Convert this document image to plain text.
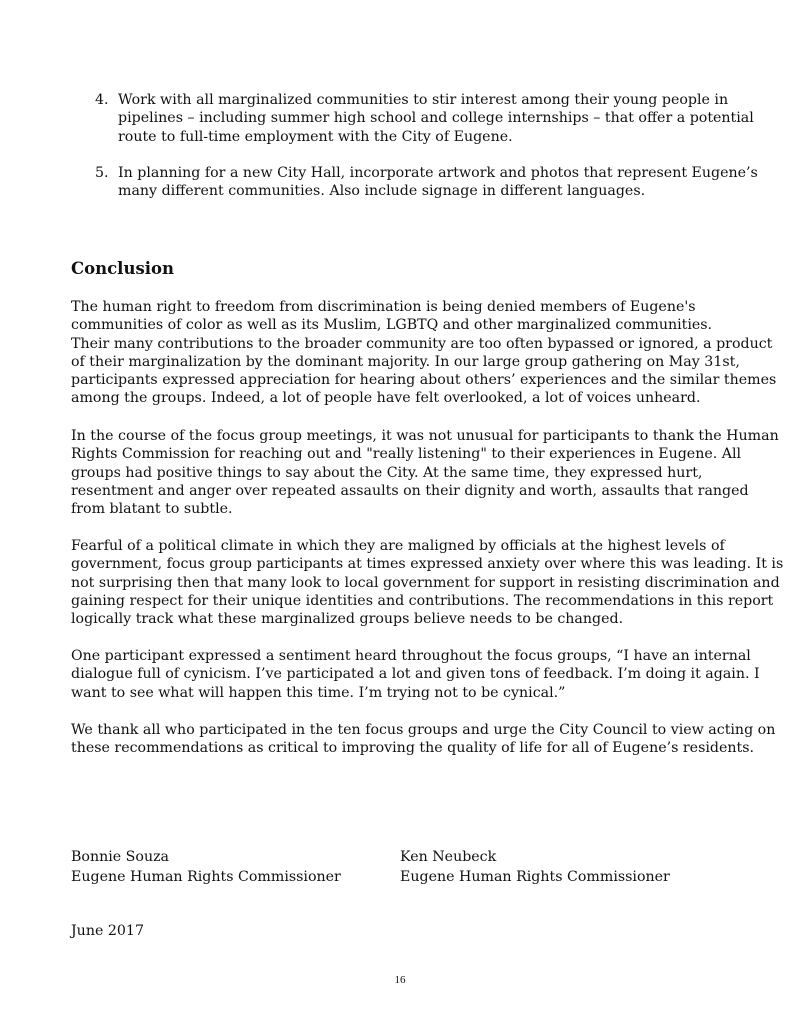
4. Work with all marginalized communities to stir interest among their young people in
pipelines – including summer high school and college internships – that offer a potential
route to full-time employment with the City of Eugene.
5. In planning for a new City Hall, incorporate artwork and photos that represent Eugene’s
many different communities. Also include signage in different languages.
Conclusion
The human right to freedom from discrimination is being denied members of Eugene's
communities of color as well as its Muslim, LGBTQ and other marginalized communities.
Their many contributions to the broader community are too often bypassed or ignored, a product
of their marginalization by the dominant majority. In our large group gathering on May 31st,
participants expressed appreciation for hearing about others’ experiences and the similar themes
among the groups. Indeed, a lot of people have felt overlooked, a lot of voices unheard.
In the course of the focus group meetings, it was not unusual for participants to thank the Human
Rights Commission for reaching out and "really listening" to their experiences in Eugene. All
groups had positive things to say about the City. At the same time, they expressed hurt,
resentment and anger over repeated assaults on their dignity and worth, assaults that ranged
from blatant to subtle.
Fearful of a political climate in which they are maligned by officials at the highest levels of
government, focus group participants at times expressed anxiety over where this was leading. It is
not surprising then that many look to local government for support in resisting discrimination and
gaining respect for their unique identities and contributions. The recommendations in this report
logically track what these marginalized groups believe needs to be changed.
One participant expressed a sentiment heard throughout the focus groups, “I have an internal
dialogue full of cynicism. I’ve participated a lot and given tons of feedback. I’m doing it again. I
want to see what will happen this time. I’m trying not to be cynical.”
We thank all who participated in the ten focus groups and urge the City Council to view acting on
these recommendations as critical to improving the quality of life for all of Eugene’s residents.
Bonnie Souza
Eugene Human Rights Commissioner
Ken Neubeck
Eugene Human Rights Commissioner
June 2017
16
